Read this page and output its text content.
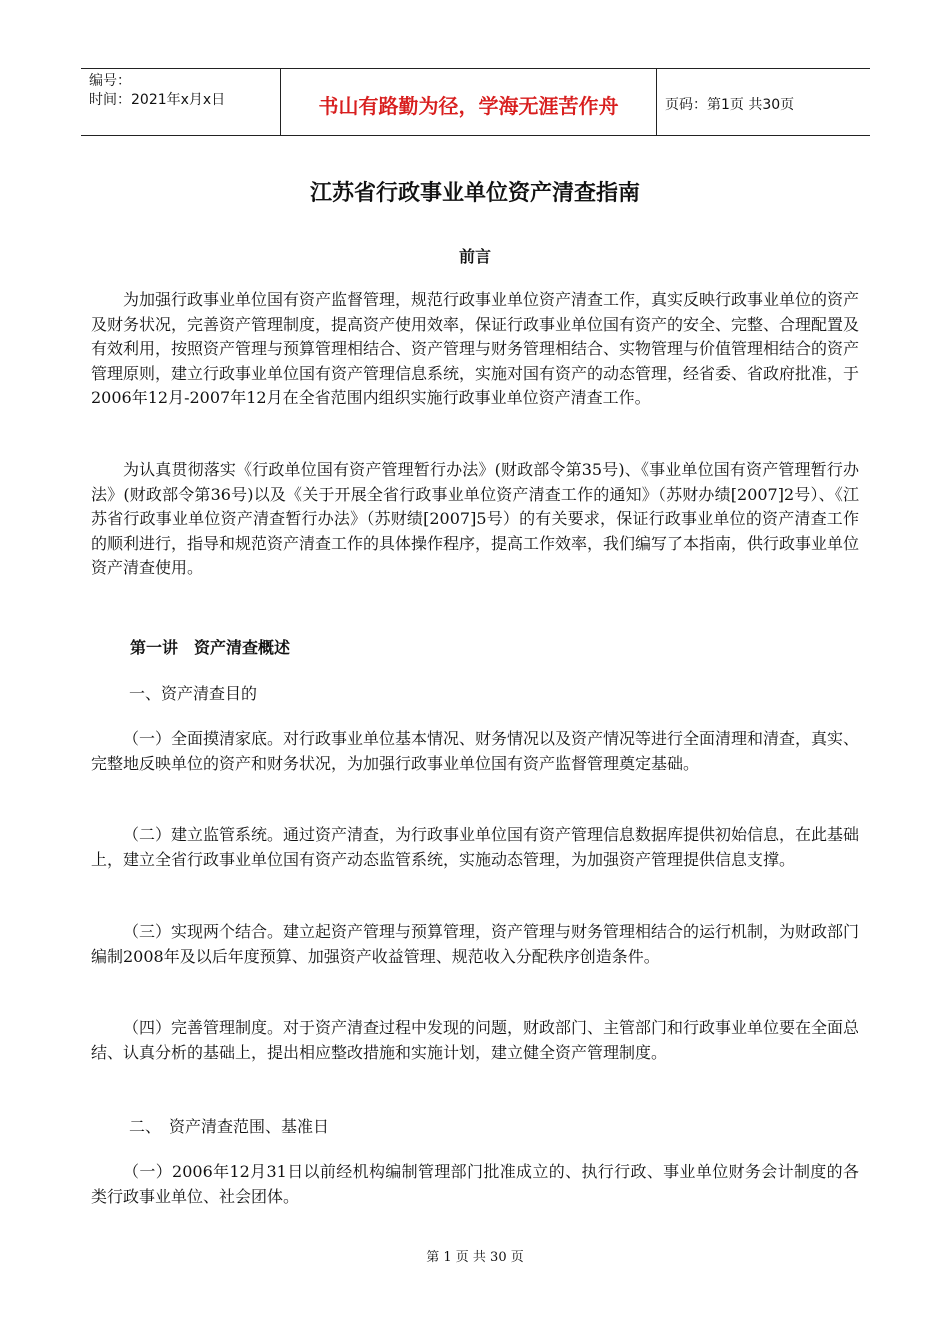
编号：
时间：2021年x月x日	书山有路勤为径，学海无涯苦作舟	页码：第1页 共30页
江苏省行政事业单位资产清查指南
前言
为加强行政事业单位国有资产监督管理，规范行政事业单位资产清查工作，真实反映行政事业单位的资产及财务状况，完善资产管理制度，提高资产使用效率，保证行政事业单位国有资产的安全、完整、合理配置及有效利用，按照资产管理与预算管理相结合、资产管理与财务管理相结合、实物管理与价值管理相结合的资产管理原则，建立行政事业单位国有资产管理信息系统，实施对国有资产的动态管理，经省委、省政府批准，于 2006年12月-2007年12月在全省范围内组织实施行政事业单位资产清查工作。
为认真贯彻落实《行政单位国有资产管理暂行办法》(财政部令第35号)、《事业单位国有资产管理暂行办法》(财政部令第36号)以及《关于开展全省行政事业单位资产清查工作的通知》（苏财办绩[2007]2号）、《江苏省行政事业单位资产清查暂行办法》（苏财绩[2007]5号）的有关要求，保证行政事业单位的资产清查工作的顺利进行，指导和规范资产清查工作的具体操作程序，提高工作效率，我们编写了本指南，供行政事业单位资产清查使用。
第一讲　资产清查概述
一、资产清查目的
（一）全面摸清家底。对行政事业单位基本情况、财务情况以及资产情况等进行全面清理和清查，真实、完整地反映单位的资产和财务状况，为加强行政事业单位国有资产监督管理奠定基础。
（二）建立监管系统。通过资产清查，为行政事业单位国有资产管理信息数据库提供初始信息，在此基础上，建立全省行政事业单位国有资产动态监管系统，实施动态管理，为加强资产管理提供信息支撑。
（三）实现两个结合。建立起资产管理与预算管理，资产管理与财务管理相结合的运行机制，为财政部门编制2008年及以后年度预算、加强资产收益管理、规范收入分配秩序创造条件。
（四）完善管理制度。对于资产清查过程中发现的问题，财政部门、主管部门和行政事业单位要在全面总结、认真分析的基础上，提出相应整改措施和实施计划，建立健全资产管理制度。
二、　资产清查范围、基准日
（一）2006年12月31日以前经机构编制管理部门批准成立的、执行行政、事业单位财务会计制度的各类行政事业单位、社会团体。
第 1 页 共 30 页
